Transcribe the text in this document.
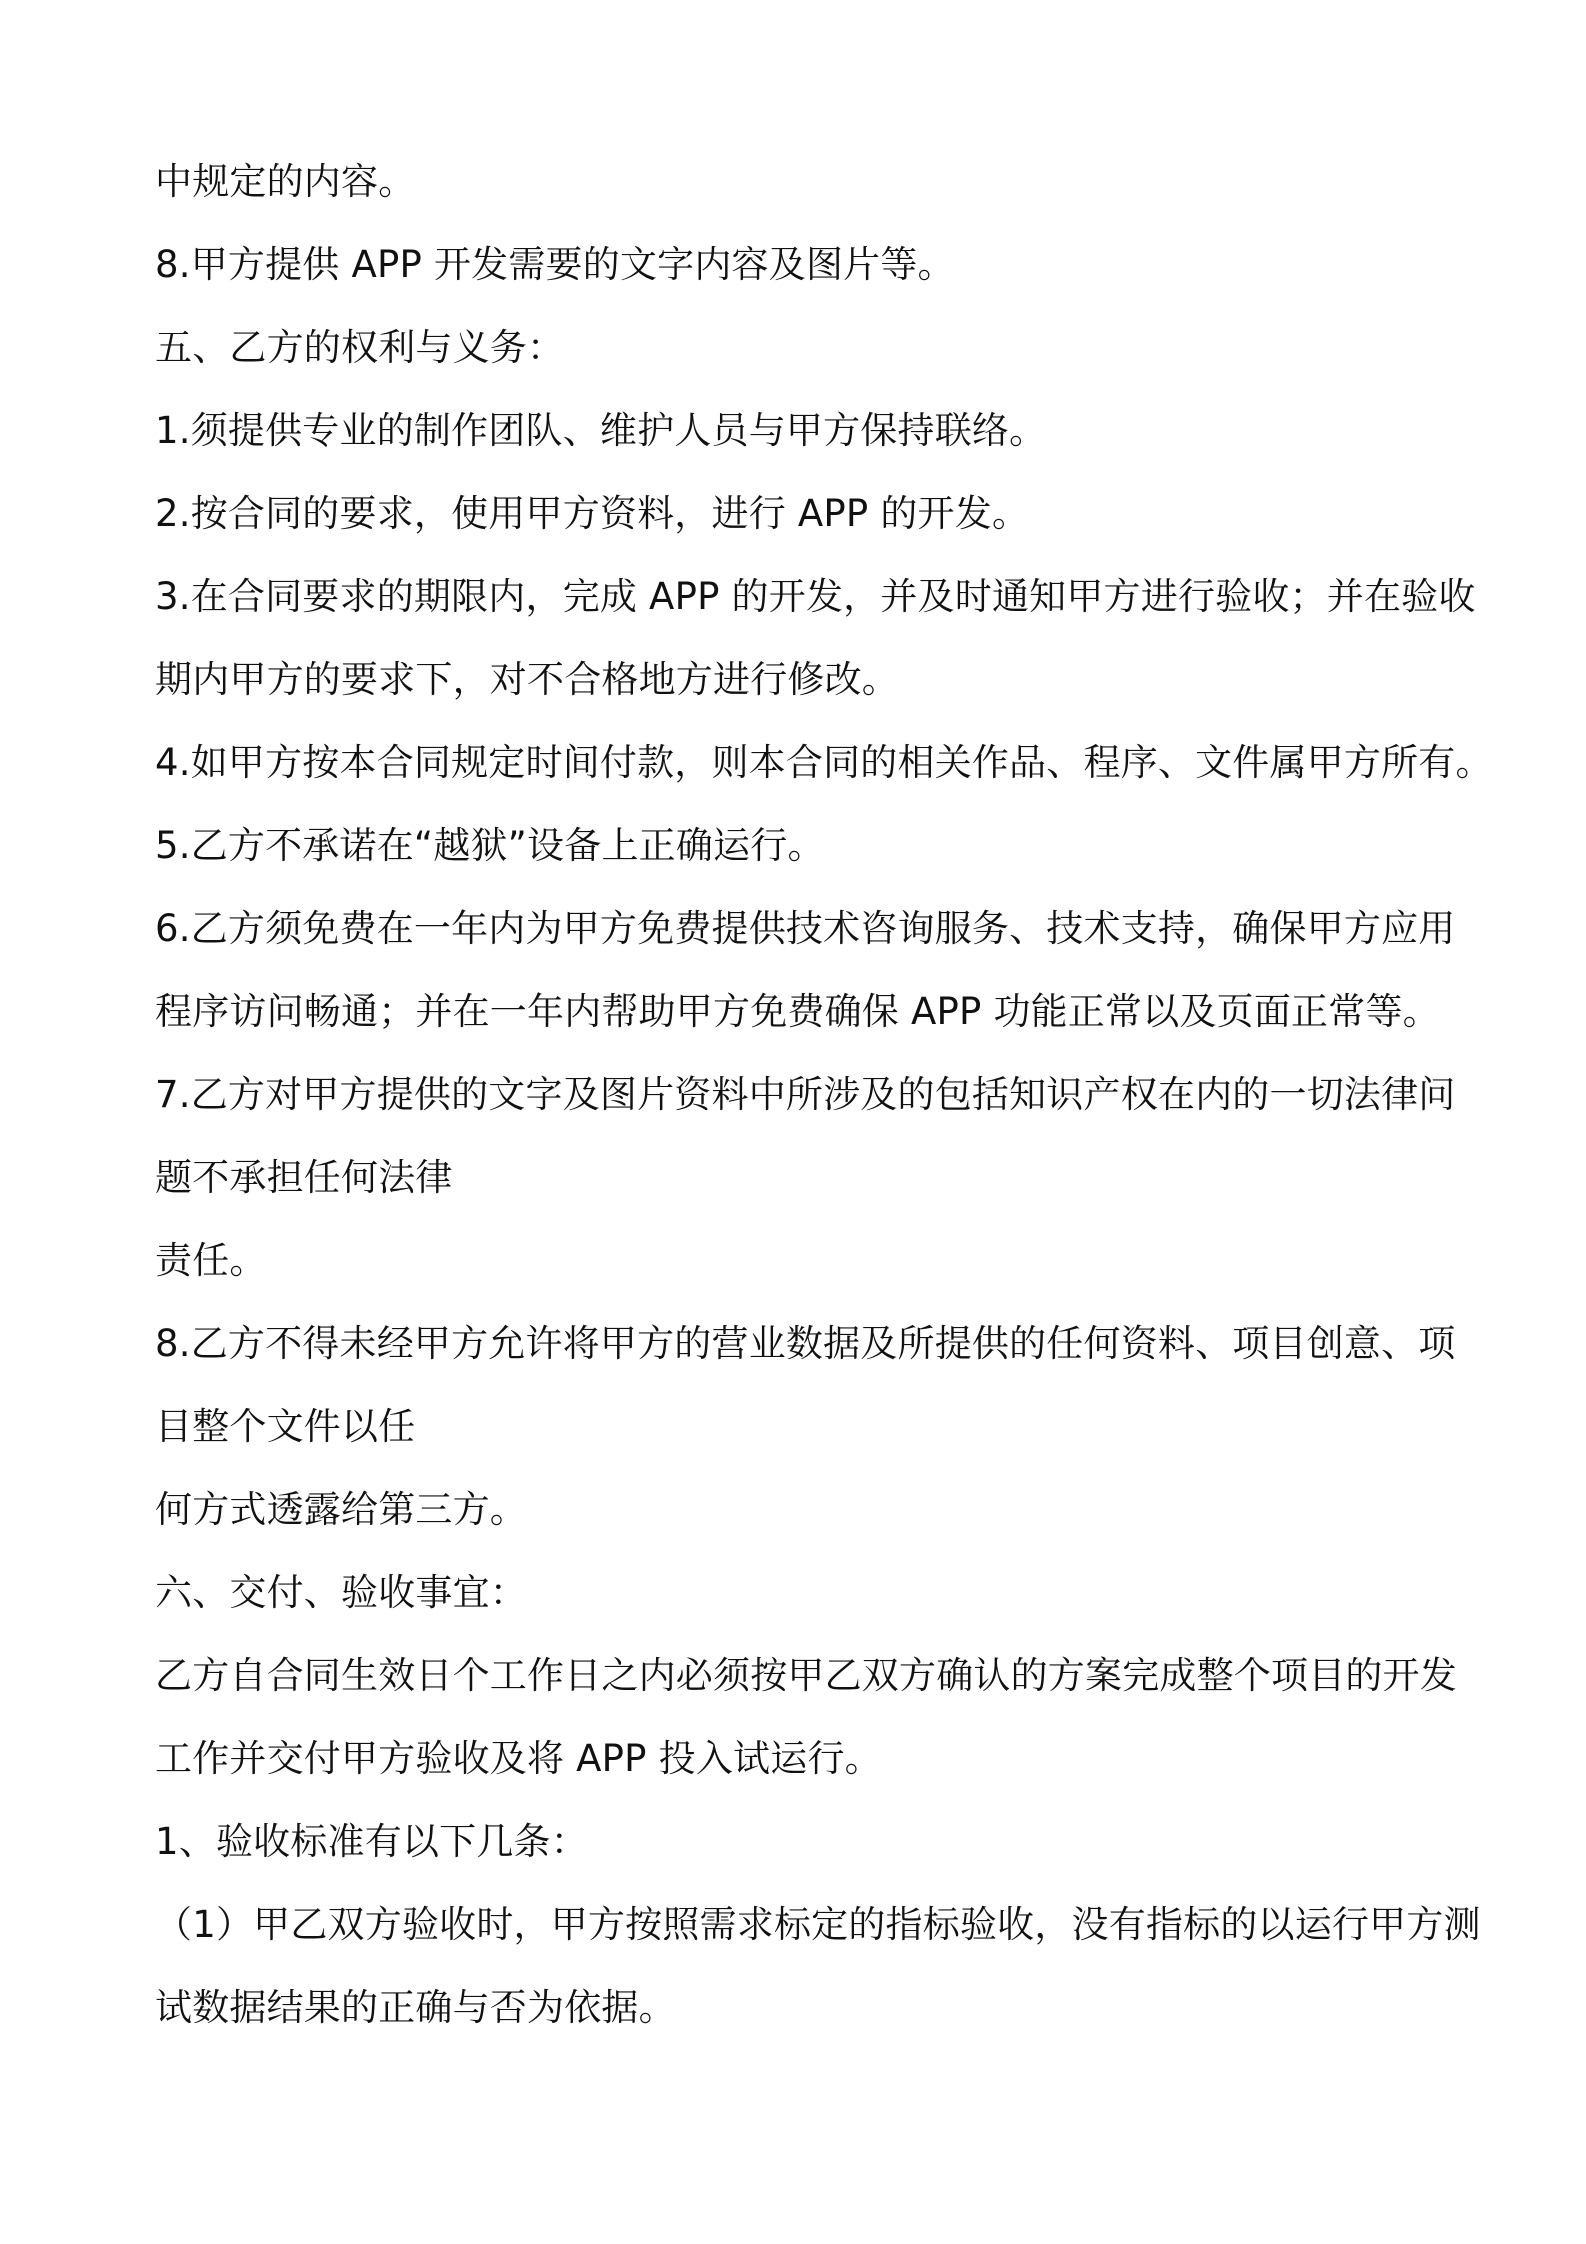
中规定的内容。
8.甲方提供 APP 开发需要的文字内容及图片等。
五、乙方的权利与义务：
1.须提供专业的制作团队、维护人员与甲方保持联络。
2.按合同的要求，使用甲方资料，进行 APP 的开发。
3.在合同要求的期限内，完成 APP 的开发，并及时通知甲方进行验收；并在验收
期内甲方的要求下，对不合格地方进行修改。
4.如甲方按本合同规定时间付款，则本合同的相关作品、程序、文件属甲方所有。
5.乙方不承诺在“越狱”设备上正确运行。
6.乙方须免费在一年内为甲方免费提供技术咨询服务、技术支持，确保甲方应用
程序访问畅通；并在一年内帮助甲方免费确保 APP 功能正常以及页面正常等。
7.乙方对甲方提供的文字及图片资料中所涉及的包括知识产权在内的一切法律问
题不承担任何法律
责任。
8.乙方不得未经甲方允许将甲方的营业数据及所提供的任何资料、项目创意、项
目整个文件以任
何方式透露给第三方。
六、交付、验收事宜：
乙方自合同生效日个工作日之内必须按甲乙双方确认的方案完成整个项目的开发
工作并交付甲方验收及将 APP 投入试运行。
1、验收标准有以下几条：
（1）甲乙双方验收时，甲方按照需求标定的指标验收，没有指标的以运行甲方测
试数据结果的正确与否为依据。
